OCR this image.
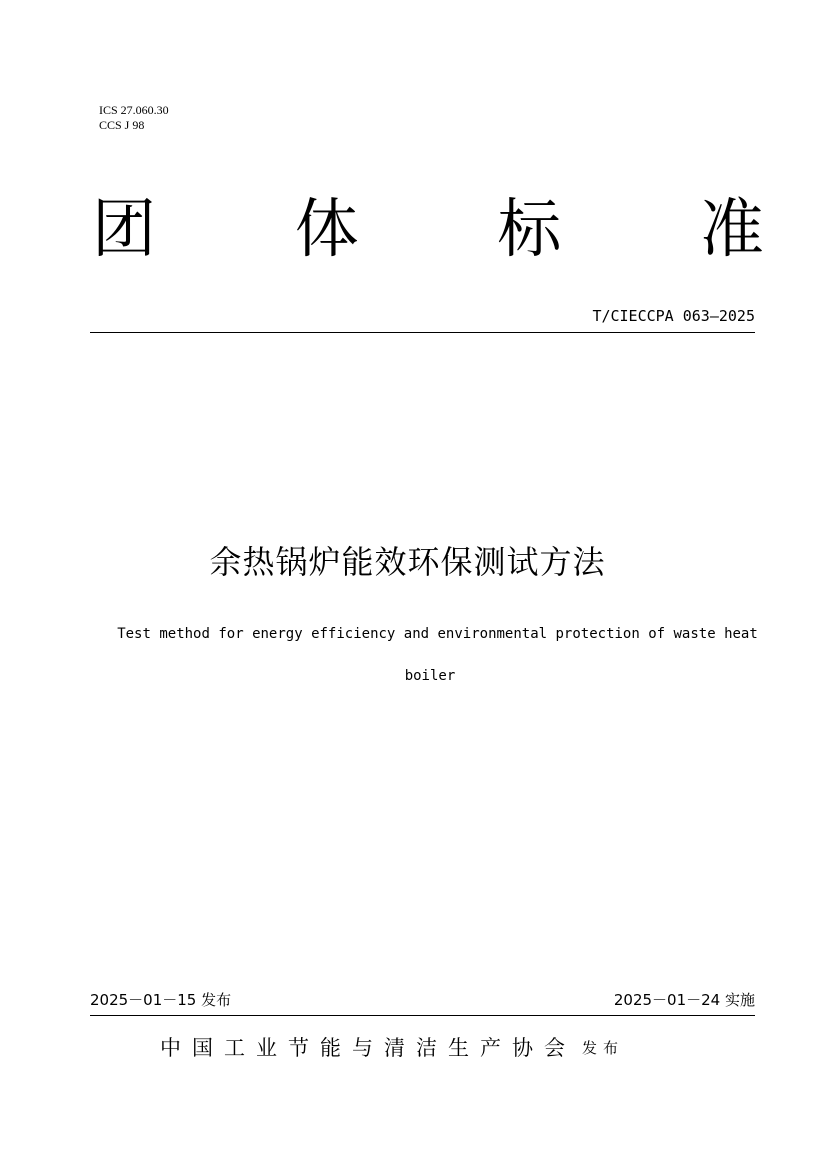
ICS 27.060.30
CCS J 98
团 体 标 准
T/CIECCPA 063—2025
余热锅炉能效环保测试方法
Test method for energy efficiency and environmental protection of waste heat
boiler
2025－01－15 发布	2025－01－24 实施
中国工业节能与清洁生产协会 发布
